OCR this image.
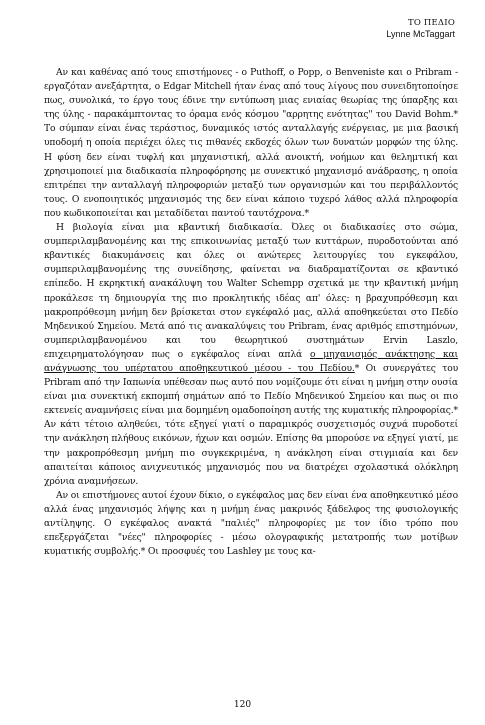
ΤΟ ΠΕΔΙΟ
Lynne McTaggart

Αν και καθένας από τους επιστήμονες - ο Puthoff, ο Popp, ο Benveniste και ο Pribram - εργαζόταν ανεξάρτητα, ο Edgar Mitchell ήταν ένας από τους λίγους που συνειδητοποίησε πως, συνολικά, το έργο τους έδινε την εντύπωση μιας ενιαίας θεωρίας της ύπαρξης και της ύλης - παρακάμπτοντας το όραμα ενός κόσμου "αρρητης ενότητας" του David Bohm.* Το σύμπαν είναι ένας τεράστιος, δυναμικός ιστός ανταλλαγής ενέργειας, με μια βασική υποδομή η οποία περιέχει όλες τις πιθανές εκδοχές όλων των δυνατών μορφών της ύλης. Η φύση δεν είναι τυφλή και μηχανιστική, αλλά ανοικτή, νοήμων και θελημτική και χρησιμοποιεί μια διαδικασία πληροφόρησης με συνεκτικό μηχανισμό ανάδρασης, η οποία επιτρέπει την ανταλλαγή πληροφοριών μεταξύ των οργανισμών και του περιβάλλοντός τους. Ο ενοποιητικός μηχανισμός της δεν είναι κάποιο τυχερό λάθος αλλά πληροφορία που κωδικοποιείται και μεταδίδεται παντού ταυτόχρονα.*

Η βιολογία είναι μια κβαντική διαδικασία. Όλες οι διαδικασίες στο σώμα, συμπεριλαμβανομένης και της επικοινωνίας μεταξύ των κυττάρων, πυροδοτούνται από κβαντικές διακυμάνσεις και όλες οι ανώτερες λειτουργίες του εγκεφάλου, συμπεριλαμβανομένης της συνείδησης, φαίνεται να διαδραματίζονται σε κβαντικό επίπεδο. Η εκρηκτική ανακάλυψη του Walter Schempp σχετικά με την κβαντική μνήμη προκάλεσε τη δημιουργία της πιο προκλητικής ιδέας απ' όλες: η βραχυπρόθεσμη και μακροπρόθεσμη μνήμη δεν βρίσκεται στον εγκέφαλό μας, αλλά αποθηκεύεται στο Πεδίο Μηδενικού Σημείου. Μετά από τις ανακαλύψεις του Pribram, ένας αριθμός επιστημόνων, συμπεριλαμβανομένου και του θεωρητικού συστημάτων Ervin Laszlo, επιχειρηματολόγησαν πως ο εγκέφαλος είναι απλά ο μηχανισμός ανάκτησης και ανάγνωσης του υπέρτατου αποθηκευτικού μέσου - του Πεδίου.* Οι συνεργάτες του Pribram από την Ιαπωνία υπέθεσαν πως αυτό που νομίζουμε ότι είναι η μνήμη στην ουσία είναι μια συνεκτική εκπομπή σημάτων από το Πεδίο Μηδενικού Σημείου και πως οι πιο εκτενείς αναμνήσεις είναι μια δομημένη ομαδοποίηση αυτής της κυματικής πληροφορίας.* Αν κάτι τέτοιο αληθεύει, τότε εξηγεί γιατί ο παραμικρός συσχετισμός συχνά πυροδοτεί την ανάκληση πλήθους εικόνων, ήχων και οσμών. Επίσης θα μπορούσε να εξηγεί γιατί, με την μακροπρόθεσμη μνήμη πιο συγκεκριμένα, η ανάκληση είναι στιγμιαία και δεν απαιτείται κάποιος ανιχνευτικός μηχανισμός που να διατρέχει σχολαστικά ολόκληρη χρόνια αναμνήσεων.

Αν οι επιστήμονες αυτοί έχουν δίκιο, ο εγκέφαλος μας δεν είναι ένα αποθηκευτικό μέσο αλλά ένας μηχανισμός λήψης και η μνήμη ένας μακρινός ξάδελφος της φυσιολογικής αντίληψης. Ο εγκέφαλος ανακτά "παλιές" πληροφορίες με τον ίδιο τρόπο που επεξεργάζεται "νέες" πληροφορίες - μέσω ολογραφικής μετατροπής των μοτίβων κυματικής συμβολής.* Οι προσφυές του Lashley με τους κα-

120
